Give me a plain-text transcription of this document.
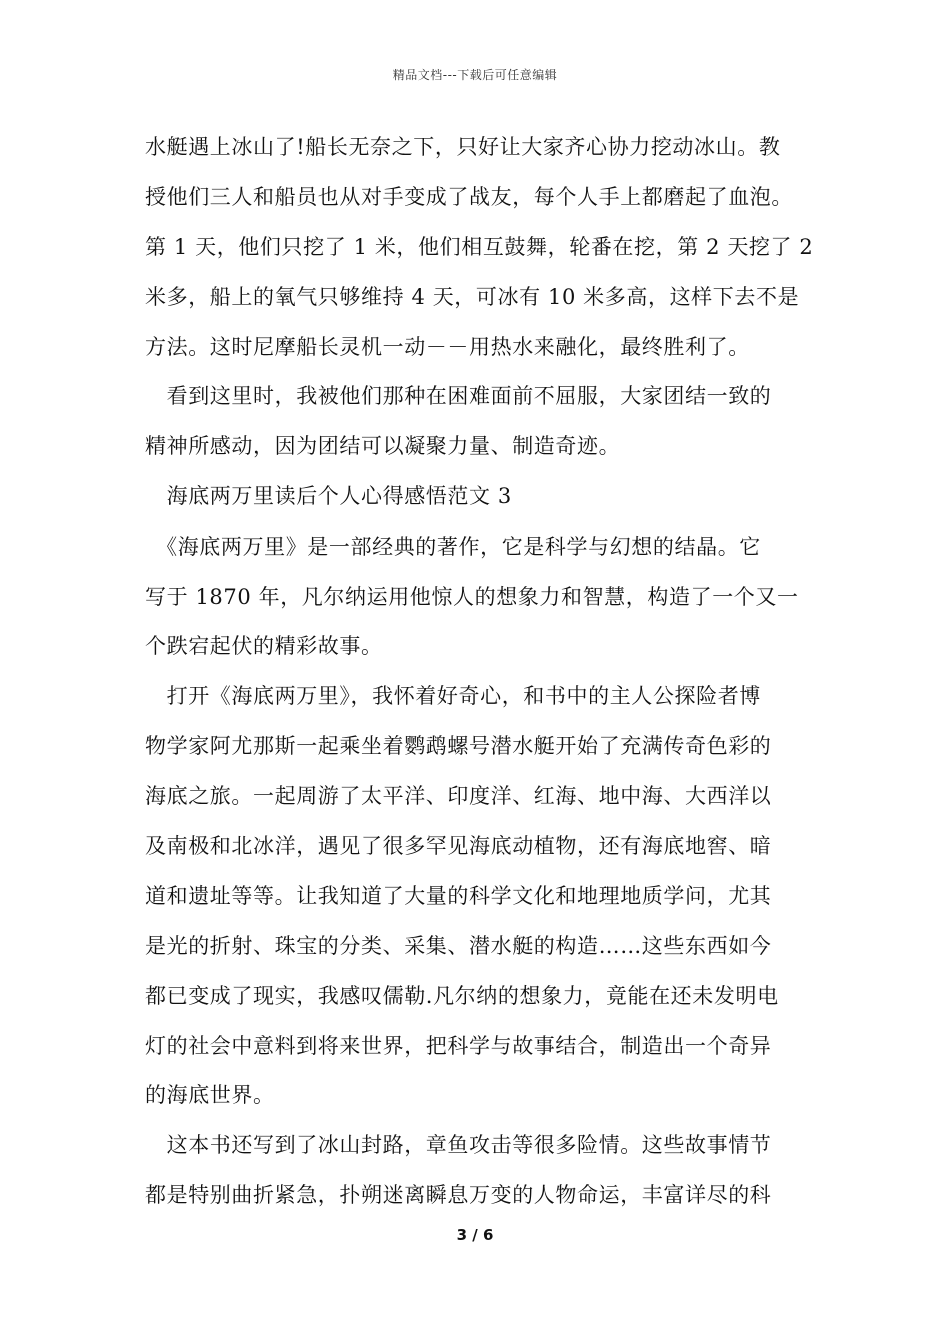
精品文档---下载后可任意编辑
水艇遇上冰山了!船长无奈之下，只好让大家齐心协力挖动冰山。教
授他们三人和船员也从对手变成了战友，每个人手上都磨起了血泡。
第 1 天，他们只挖了 1 米，他们相互鼓舞，轮番在挖，第 2 天挖了 2
米多，船上的氧气只够维持 4 天，可冰有 10 米多高，这样下去不是
方法。这时尼摩船长灵机一动－－用热水来融化，最终胜利了。
　看到这里时，我被他们那种在困难面前不屈服，大家团结一致的
精神所感动，因为团结可以凝聚力量、制造奇迹。
　海底两万里读后个人心得感悟范文 3
　《海底两万里》是一部经典的著作，它是科学与幻想的结晶。它
写于 1870 年，凡尔纳运用他惊人的想象力和智慧，构造了一个又一
个跌宕起伏的精彩故事。
　打开《海底两万里》，我怀着好奇心，和书中的主人公探险者博
物学家阿尤那斯一起乘坐着鹦鹉螺号潜水艇开始了充满传奇色彩的
海底之旅。一起周游了太平洋、印度洋、红海、地中海、大西洋以
及南极和北冰洋，遇见了很多罕见海底动植物，还有海底地窖、暗
道和遗址等等。让我知道了大量的科学文化和地理地质学问，尤其
是光的折射、珠宝的分类、采集、潜水艇的构造……这些东西如今
都已变成了现实，我感叹儒勒.凡尔纳的想象力，竟能在还未发明电
灯的社会中意料到将来世界，把科学与故事结合，制造出一个奇异
的海底世界。
　这本书还写到了冰山封路，章鱼攻击等很多险情。这些故事情节
都是特别曲折紧急，扑朔迷离瞬息万变的人物命运，丰富详尽的科
3 / 6
